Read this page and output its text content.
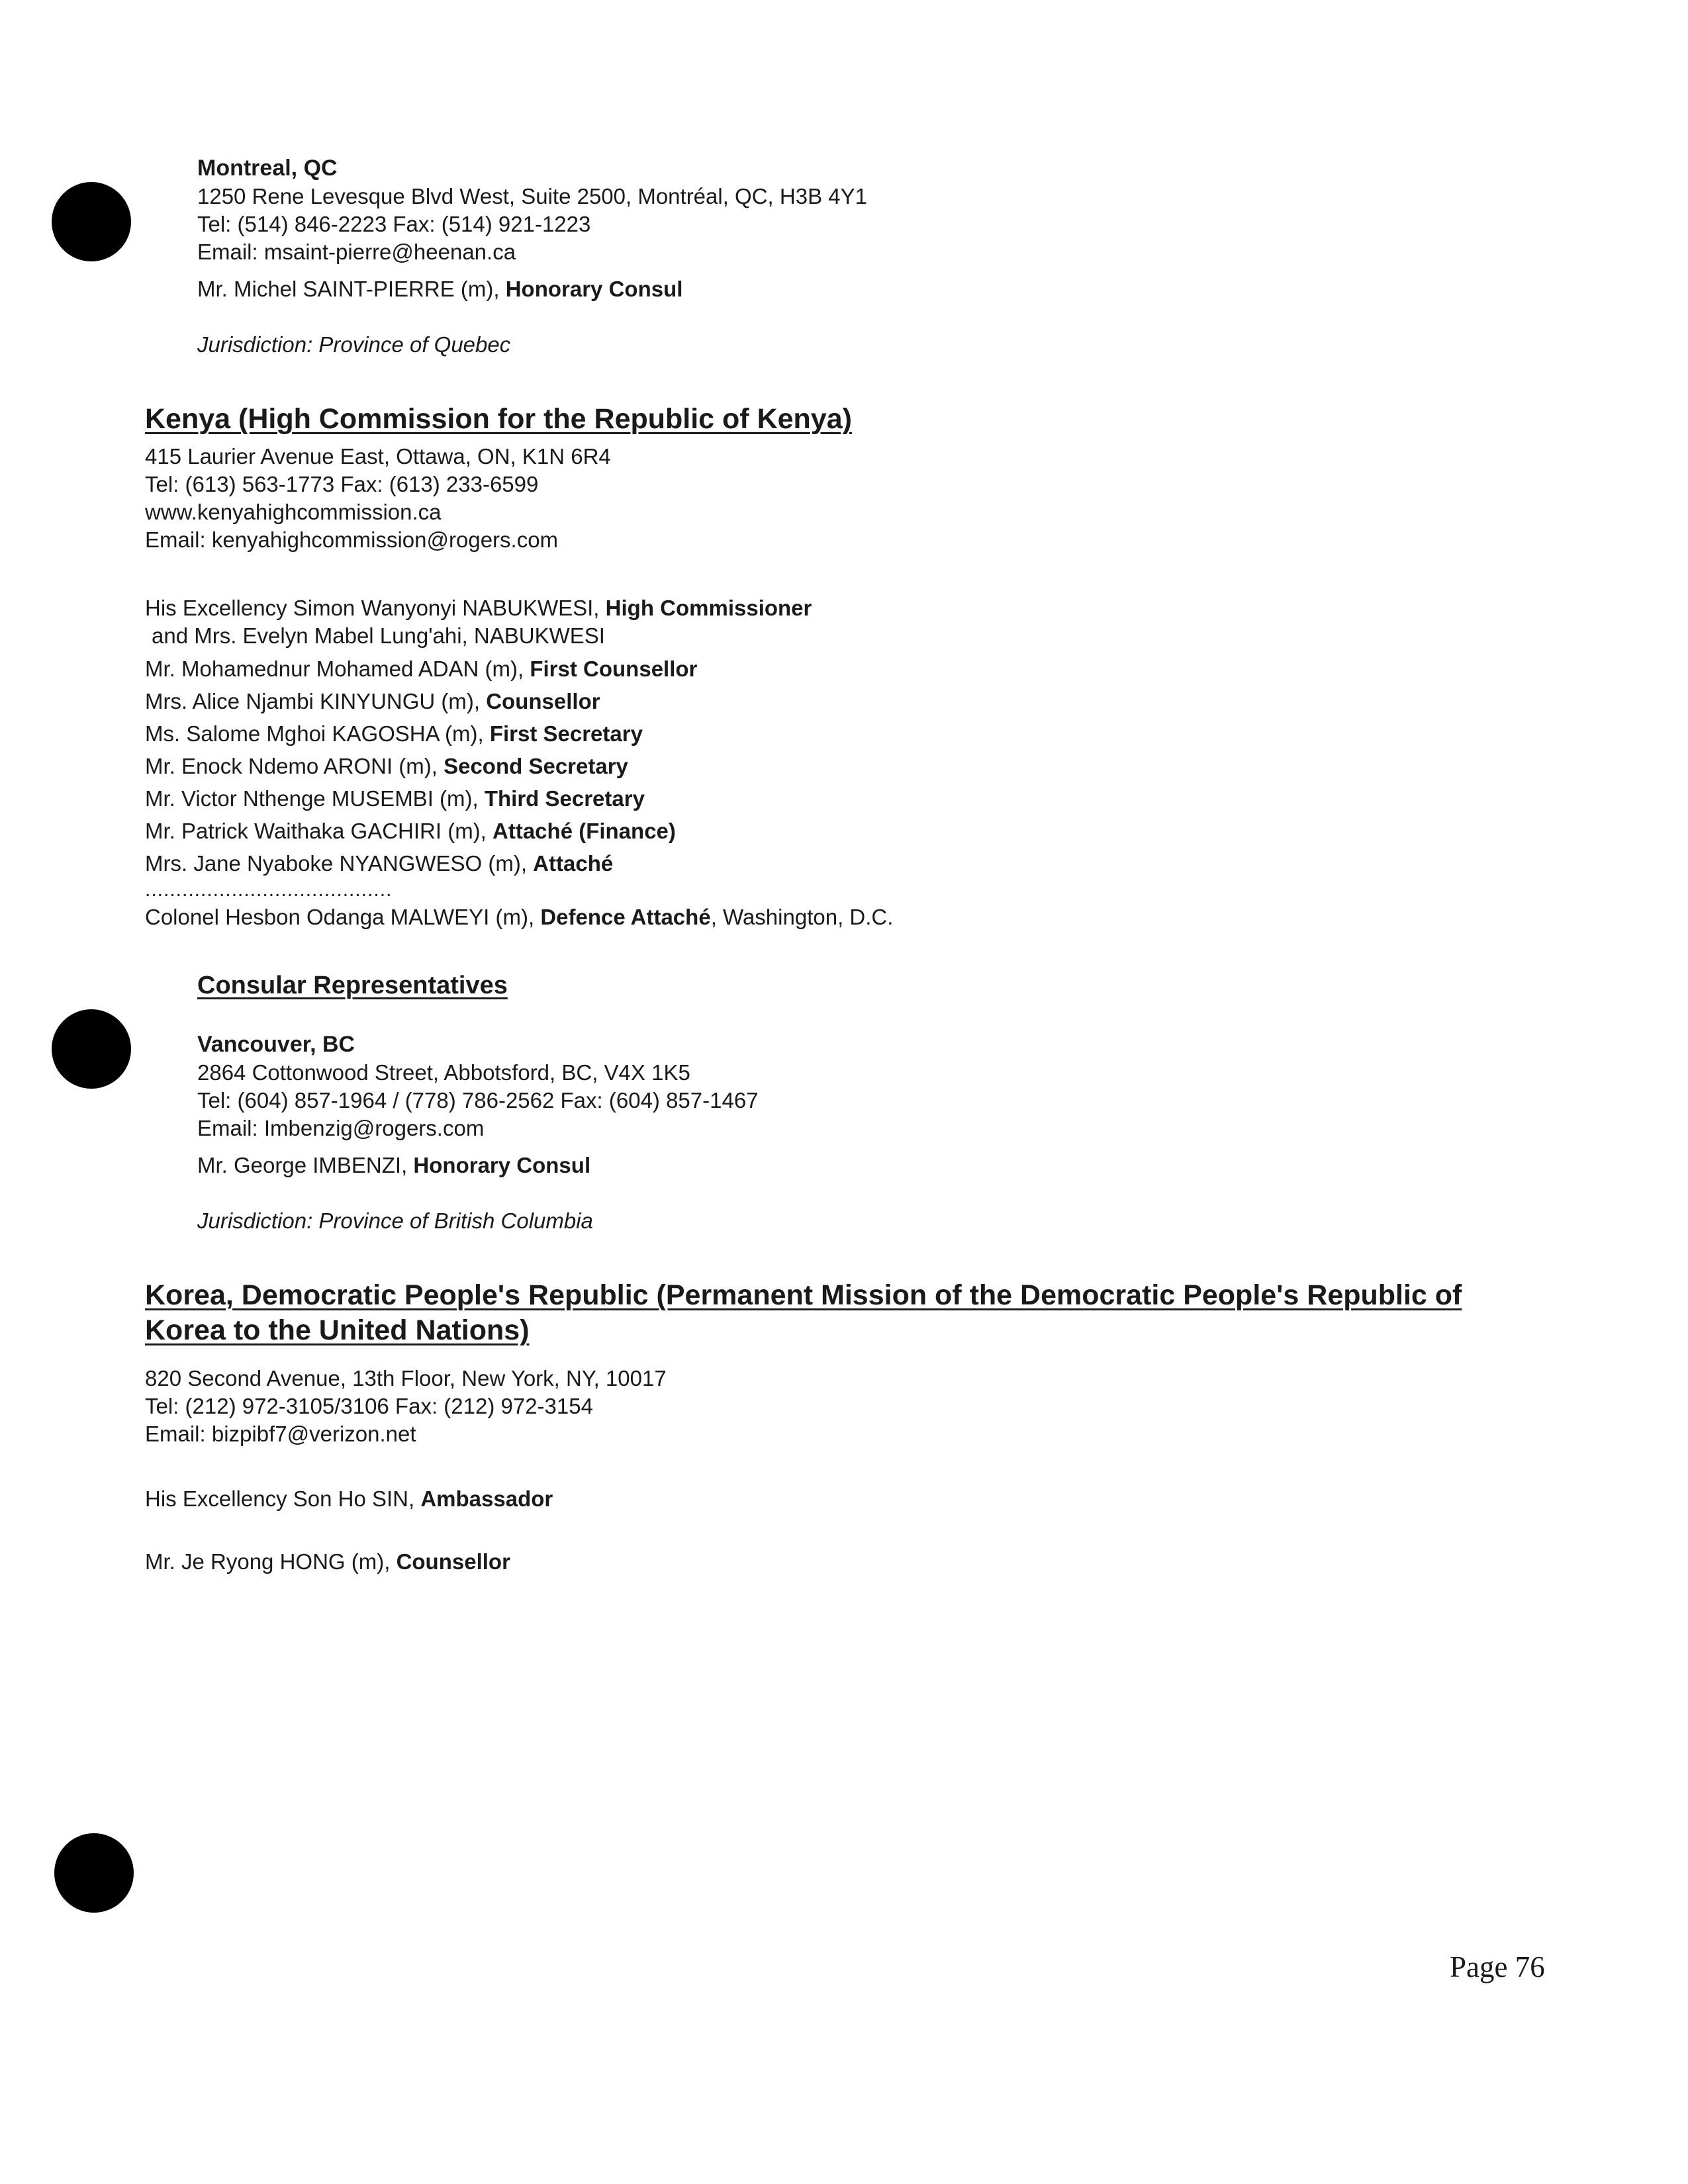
Montreal, QC
1250 Rene Levesque Blvd West, Suite 2500, Montréal, QC, H3B 4Y1
Tel: (514) 846-2223 Fax: (514) 921-1223
Email: msaint-pierre@heenan.ca
Mr. Michel SAINT-PIERRE (m), Honorary Consul
Jurisdiction: Province of Quebec
Kenya (High Commission for the Republic of Kenya)
415 Laurier Avenue East, Ottawa, ON, K1N 6R4
Tel: (613) 563-1773 Fax: (613) 233-6599
www.kenyahighcommission.ca
Email: kenyahighcommission@rogers.com
His Excellency Simon Wanyonyi NABUKWESI, High Commissioner
and Mrs. Evelyn Mabel Lung'ahi, NABUKWESI
Mr. Mohamednur Mohamed ADAN (m), First Counsellor
Mrs. Alice Njambi KINYUNGU (m), Counsellor
Ms. Salome Mghoi KAGOSHA (m), First Secretary
Mr. Enock Ndemo ARONI (m), Second Secretary
Mr. Victor Nthenge MUSEMBI (m), Third Secretary
Mr. Patrick Waithaka GACHIRI (m), Attaché (Finance)
Mrs. Jane Nyaboke NYANGWESO (m), Attaché
........................................
Colonel Hesbon Odanga MALWEYI (m), Defence Attaché, Washington, D.C.
Consular Representatives
Vancouver, BC
2864 Cottonwood Street, Abbotsford, BC, V4X 1K5
Tel: (604) 857-1964 / (778) 786-2562 Fax: (604) 857-1467
Email: Imbenzig@rogers.com
Mr. George IMBENZI, Honorary Consul
Jurisdiction: Province of British Columbia
Korea, Democratic People's Republic (Permanent Mission of the Democratic People's Republic of
Korea to the United Nations)
820 Second Avenue, 13th Floor, New York, NY, 10017
Tel: (212) 972-3105/3106 Fax: (212) 972-3154
Email: bizpibf7@verizon.net
His Excellency Son Ho SIN, Ambassador
Mr. Je Ryong HONG (m), Counsellor
Page 76
